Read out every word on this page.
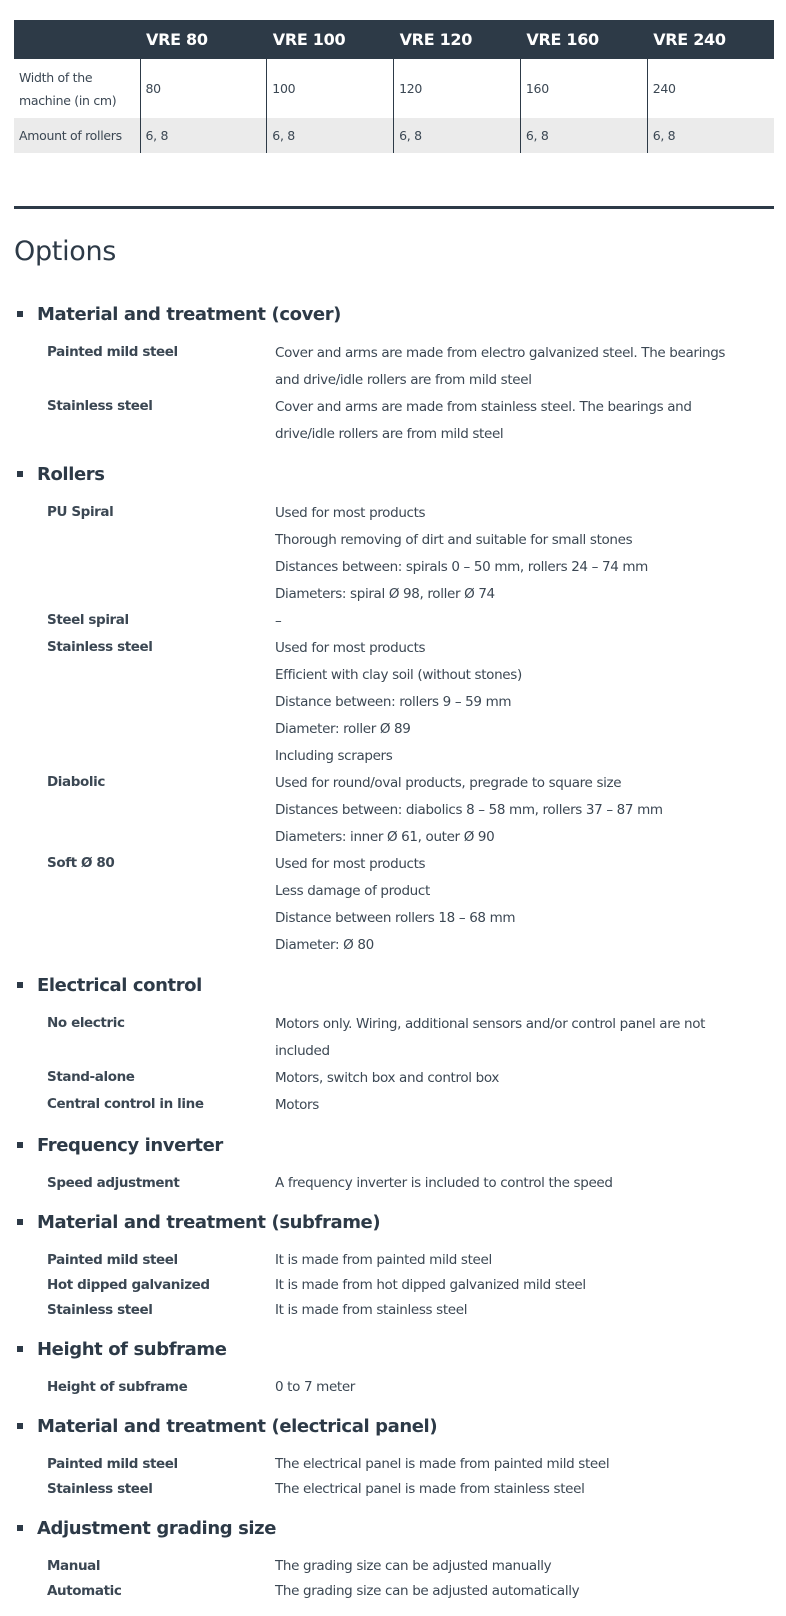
	VRE 80	VRE 100	VRE 120	VRE 160	VRE 240
Width of the machine (in cm)	80	100	120	160	240
Amount of rollers	6, 8	6, 8	6, 8	6, 8	6, 8
Options
Material and treatment (cover)
Painted mild steel	Cover and arms are made from electro galvanized steel. The bearings
and drive/idle rollers are from mild steel
Stainless steel	Cover and arms are made from stainless steel. The bearings and
drive/idle rollers are from mild steel
Rollers
PU Spiral	Used for most products
Thorough removing of dirt and suitable for small stones
Distances between: spirals 0 – 50 mm, rollers 24 – 74 mm
Diameters: spiral Ø 98, roller Ø 74
Steel spiral	–
Stainless steel	Used for most products
Efficient with clay soil (without stones)
Distance between: rollers 9 – 59 mm
Diameter: roller Ø 89
Including scrapers
Diabolic	Used for round/oval products, pregrade to square size
Distances between: diabolics 8 – 58 mm, rollers 37 – 87 mm
Diameters: inner Ø 61, outer Ø 90
Soft Ø 80	Used for most products
Less damage of product
Distance between rollers 18 – 68 mm
Diameter: Ø 80
Electrical control
No electric	Motors only. Wiring, additional sensors and/or control panel are not
included
Stand-alone	Motors, switch box and control box
Central control in line	Motors
Frequency inverter
Speed adjustment	A frequency inverter is included to control the speed
Material and treatment (subframe)
Painted mild steel	It is made from painted mild steel
Hot dipped galvanized	It is made from hot dipped galvanized mild steel
Stainless steel	It is made from stainless steel
Height of subframe
Height of subframe	0 to 7 meter
Material and treatment (electrical panel)
Painted mild steel	The electrical panel is made from painted mild steel
Stainless steel	The electrical panel is made from stainless steel
Adjustment grading size
Manual	The grading size can be adjusted manually
Automatic	The grading size can be adjusted automatically
